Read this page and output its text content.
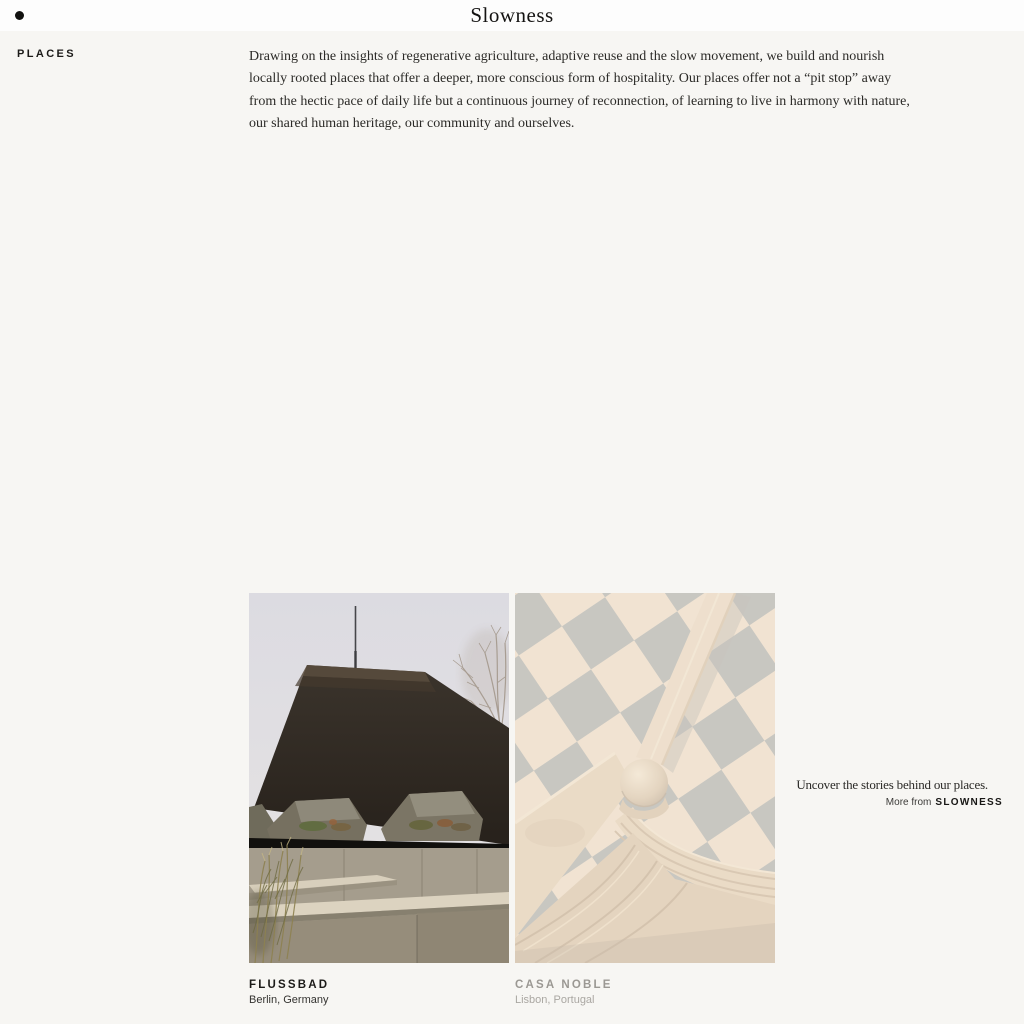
Slowness
PLACES	Drawing on the insights of regenerative agriculture, adaptive reuse and the slow movement, we build and nourish
locally rooted places that offer a deeper, more conscious form of hospitality. Our places offer not a “pit stop” away
from the hectic pace of daily life but a continuous journey of reconnection, of learning to live in harmony with nature,
our shared human heritage, our community and ourselves.
FLUSSBAD
Berlin, Germany
CASA NOBLE
Lisbon, Portugal
Uncover the stories behind our places.
More from SLOWNESS
